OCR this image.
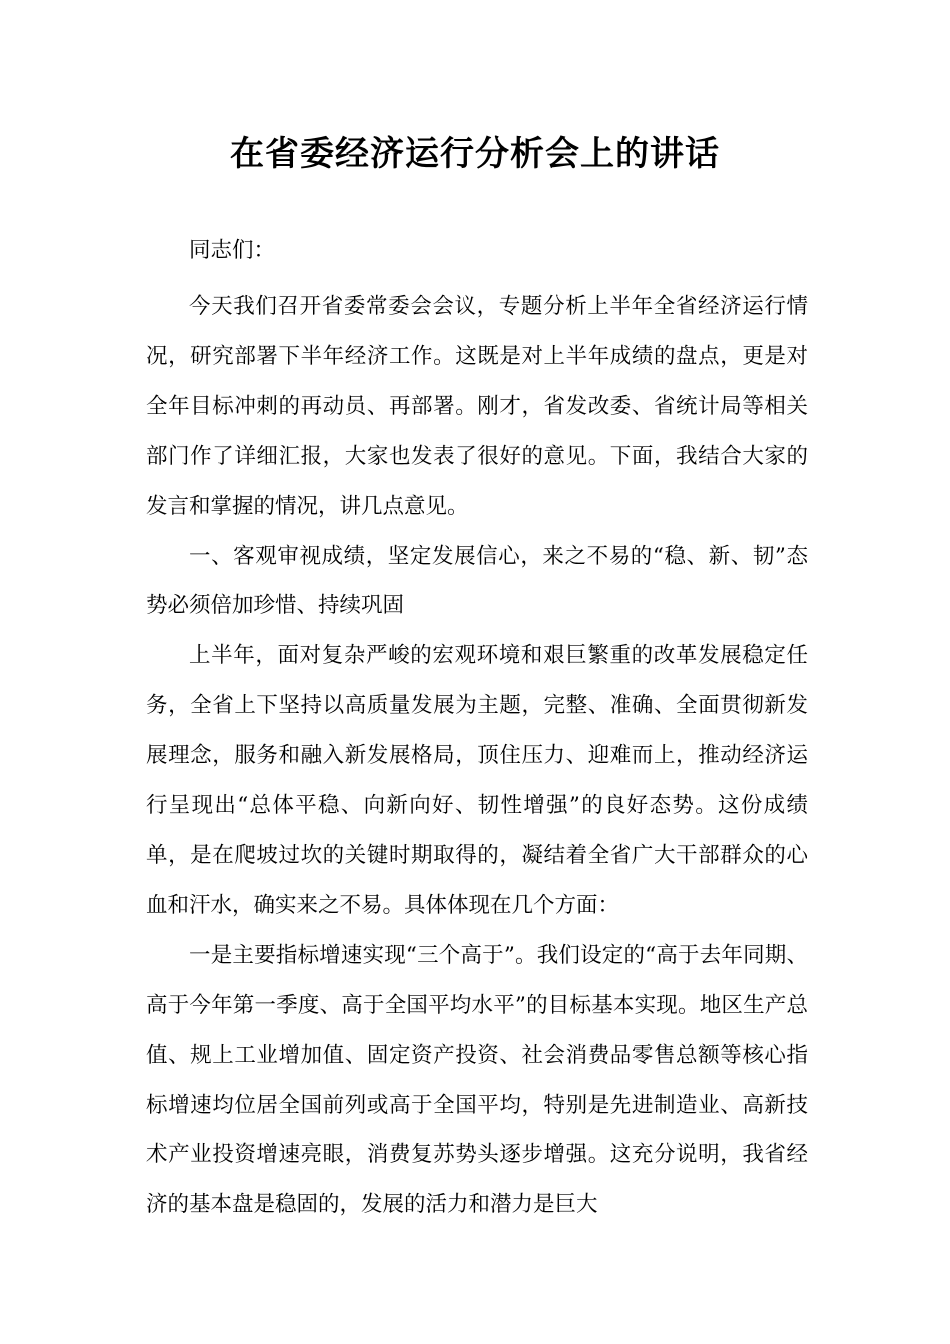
在省委经济运行分析会上的讲话

同志们：

今天我们召开省委常委会会议，专题分析上半年全省经济运行情况，研究部署下半年经济工作。这既是对上半年成绩的盘点，更是对全年目标冲刺的再动员、再部署。刚才，省发改委、省统计局等相关部门作了详细汇报，大家也发表了很好的意见。下面，我结合大家的发言和掌握的情况，讲几点意见。

一、客观审视成绩，坚定发展信心，来之不易的“稳、新、韧”态势必须倍加珍惜、持续巩固

上半年，面对复杂严峻的宏观环境和艰巨繁重的改革发展稳定任务，全省上下坚持以高质量发展为主题，完整、准确、全面贯彻新发展理念，服务和融入新发展格局，顶住压力、迎难而上，推动经济运行呈现出“总体平稳、向新向好、韧性增强”的良好态势。这份成绩单，是在爬坡过坎的关键时期取得的，凝结着全省广大干部群众的心血和汗水，确实来之不易。具体体现在几个方面：

一是主要指标增速实现“三个高于”。我们设定的“高于去年同期、高于今年第一季度、高于全国平均水平”的目标基本实现。地区生产总值、规上工业增加值、固定资产投资、社会消费品零售总额等核心指标增速均位居全国前列或高于全国平均，特别是先进制造业、高新技术产业投资增速亮眼，消费复苏势头逐步增强。这充分说明，我省经济的基本盘是稳固的，发展的活力和潜力是巨大
